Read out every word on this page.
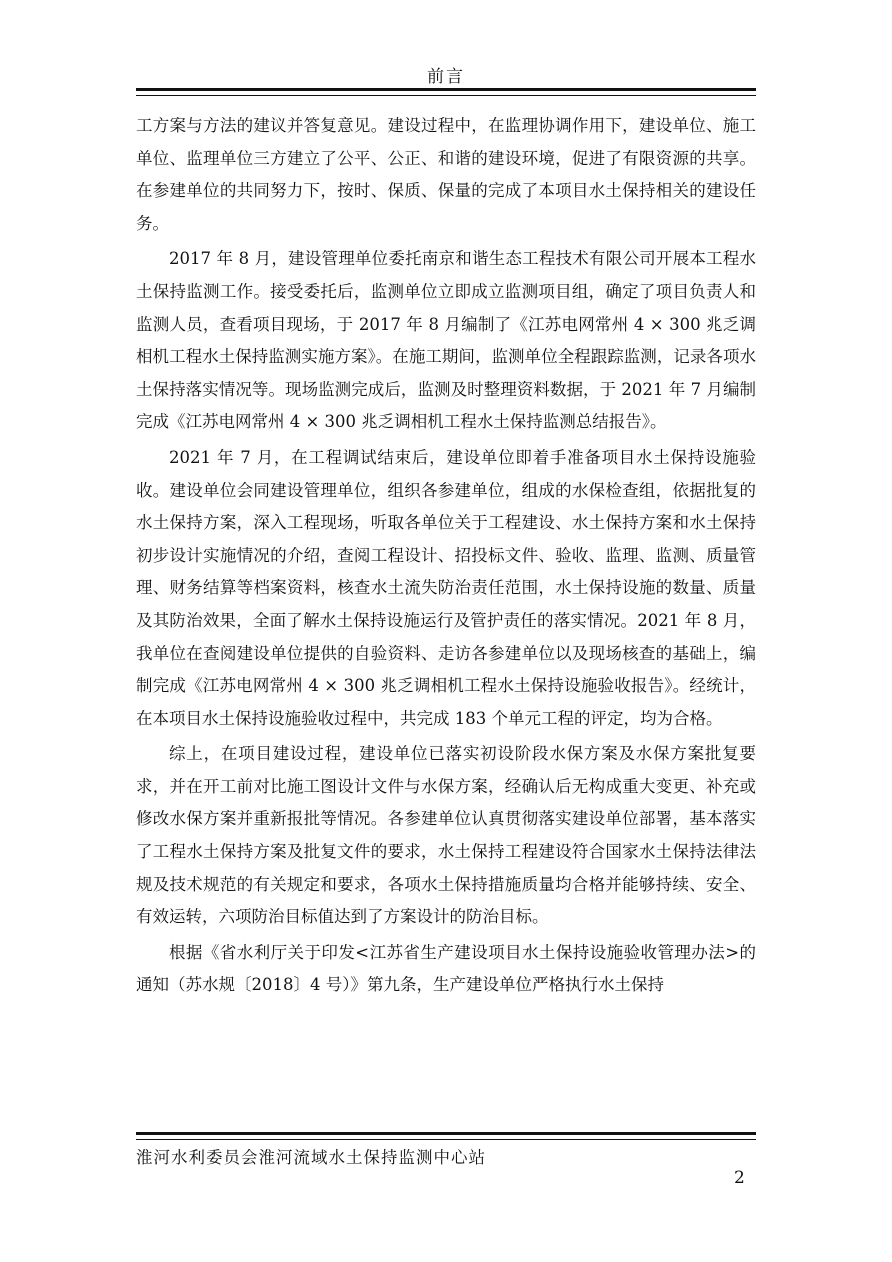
前言

工方案与方法的建议并答复意见。建设过程中，在监理协调作用下，建设单位、施工单位、监理单位三方建立了公平、公正、和谐的建设环境，促进了有限资源的共享。在参建单位的共同努力下，按时、保质、保量的完成了本项目水土保持相关的建设任务。

2017 年 8 月，建设管理单位委托南京和谐生态工程技术有限公司开展本工程水土保持监测工作。接受委托后，监测单位立即成立监测项目组，确定了项目负责人和监测人员，查看项目现场，于 2017 年 8 月编制了《江苏电网常州 4 × 300 兆乏调相机工程水土保持监测实施方案》。在施工期间，监测单位全程跟踪监测，记录各项水土保持落实情况等。现场监测完成后，监测及时整理资料数据，于 2021 年 7 月编制完成《江苏电网常州 4 × 300 兆乏调相机工程水土保持监测总结报告》。

2021 年 7 月，在工程调试结束后，建设单位即着手准备项目水土保持设施验收。建设单位会同建设管理单位，组织各参建单位，组成的水保检查组，依据批复的水土保持方案，深入工程现场，听取各单位关于工程建设、水土保持方案和水土保持初步设计实施情况的介绍，查阅工程设计、招投标文件、验收、监理、监测、质量管理、财务结算等档案资料，核查水土流失防治责任范围，水土保持设施的数量、质量及其防治效果，全面了解水土保持设施运行及管护责任的落实情况。2021 年 8 月，我单位在查阅建设单位提供的自验资料、走访各参建单位以及现场核查的基础上，编制完成《江苏电网常州 4 × 300 兆乏调相机工程水土保持设施验收报告》。经统计，在本项目水土保持设施验收过程中，共完成 183 个单元工程的评定，均为合格。

综上，在项目建设过程，建设单位已落实初设阶段水保方案及水保方案批复要求，并在开工前对比施工图设计文件与水保方案，经确认后无构成重大变更、补充或修改水保方案并重新报批等情况。各参建单位认真贯彻落实建设单位部署，基本落实了工程水土保持方案及批复文件的要求，水土保持工程建设符合国家水土保持法律法规及技术规范的有关规定和要求，各项水土保持措施质量均合格并能够持续、安全、有效运转，六项防治目标值达到了方案设计的防治目标。

根据《省水利厅关于印发<江苏省生产建设项目水土保持设施验收管理办法>的通知（苏水规〔2018〕4 号）》第九条，生产建设单位严格执行水土保持

淮河水利委员会淮河流域水土保持监测中心站
2
